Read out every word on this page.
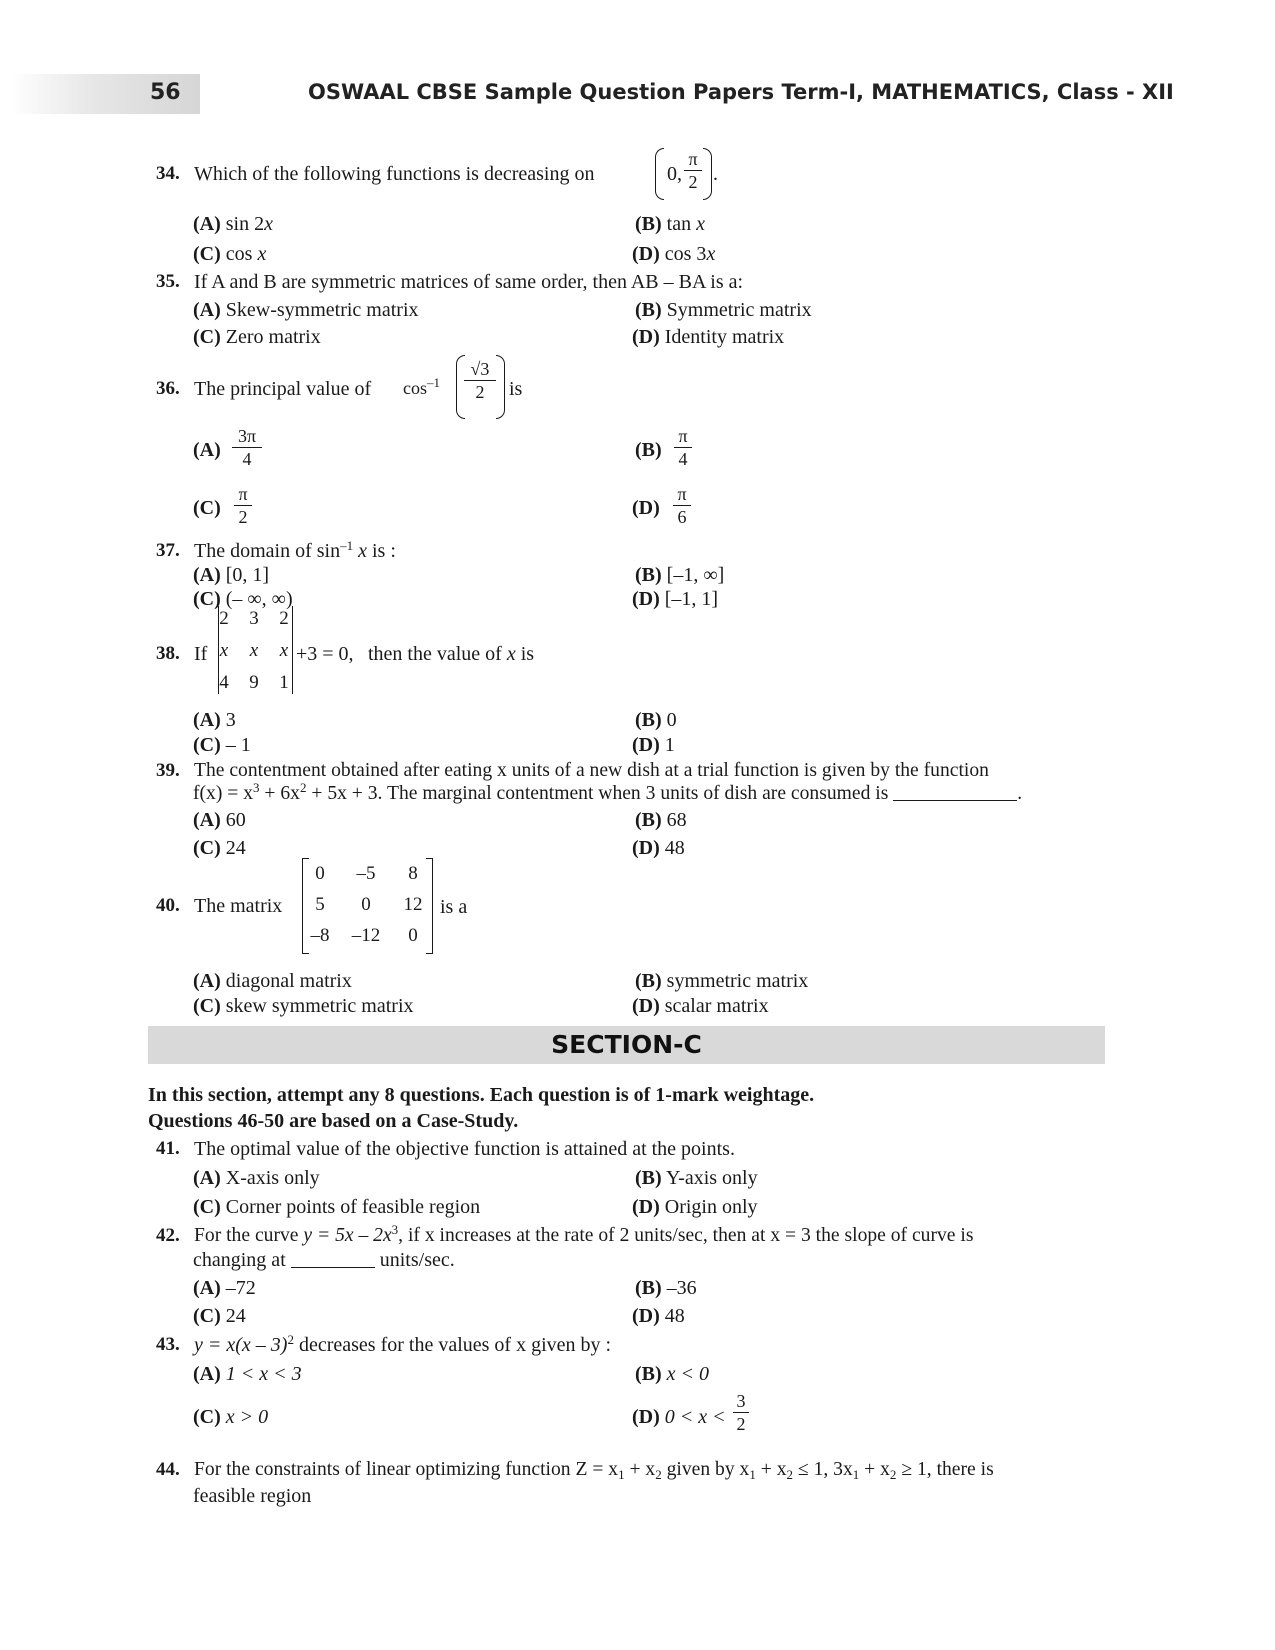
56	OSWAAL CBSE Sample Question Papers Term-I, MATHEMATICS, Class - XII
34. Which of the following functions is decreasing on	0,
π
2 .
(A) sin 2x	(B) tan x
(C) cos x	(D) cos 3x
35. If A and B are symmetric matrices of same order, then AB – BA is a:
(A) Skew-symmetric matrix	(B) Symmetric matrix
(C) Zero matrix	(D) Identity matrix
36. The principal value of $\cos^{-1}$
√3
2	is
(A)
3π
4	(B)
π
4
(C)
π
2	(D)
π
6
37. The domain of $\sin^{-1} x$ is :
(A) [0, 1]	(B) [–1, ∞]
(C) (– ∞, ∞)	(D) [–1, 1]
38. If
2	3	2
x	x	x
4	9	1
+3 = 0, then the value of x is
(A) 3	(B) 0
(C) – 1	(D) 1
39. The contentment obtained after eating x units of a new dish at a trial function is given by the function
$f(x) = x^3 + 6x^2 + 5x + 3$. The marginal contentment when 3 units of dish are consumed is	.
(A) 60	(B) 68
(C) 24	(D) 48
40. The matrix
0	–5	8
5	0	12
–8	–12	0
is a
(A) diagonal matrix	(B) symmetric matrix
(C) skew symmetric matrix	(D) scalar matrix
SECTION-C
In this section, attempt any 8 questions. Each question is of 1-mark weightage.
Questions 46-50 are based on a Case-Study.
41. The optimal value of the objective function is attained at the points.
(A) X-axis only	(B) Y-axis only
(C) Corner points of feasible region	(D) Origin only
42. For the curve $y = 5x - 2x^3$, if x increases at the rate of 2 units/sec, then at x = 3 the slope of curve is
changing at	units/sec.
(A) –72	(B) –36
(C) 24	(D) 48
43. y = x(x – 3)$^2$ decreases for the values of x given by :
(A) 1 < x < 3	(B) x < 0
(C) x > 0	(D) 0 < x <
3
2
44. For the constraints of linear optimizing function $Z = x_1 + x_2$ given by $x_1 + x_2 \le 1$, $3x_1 + x_2 \ge 1$, there is
feasible region
